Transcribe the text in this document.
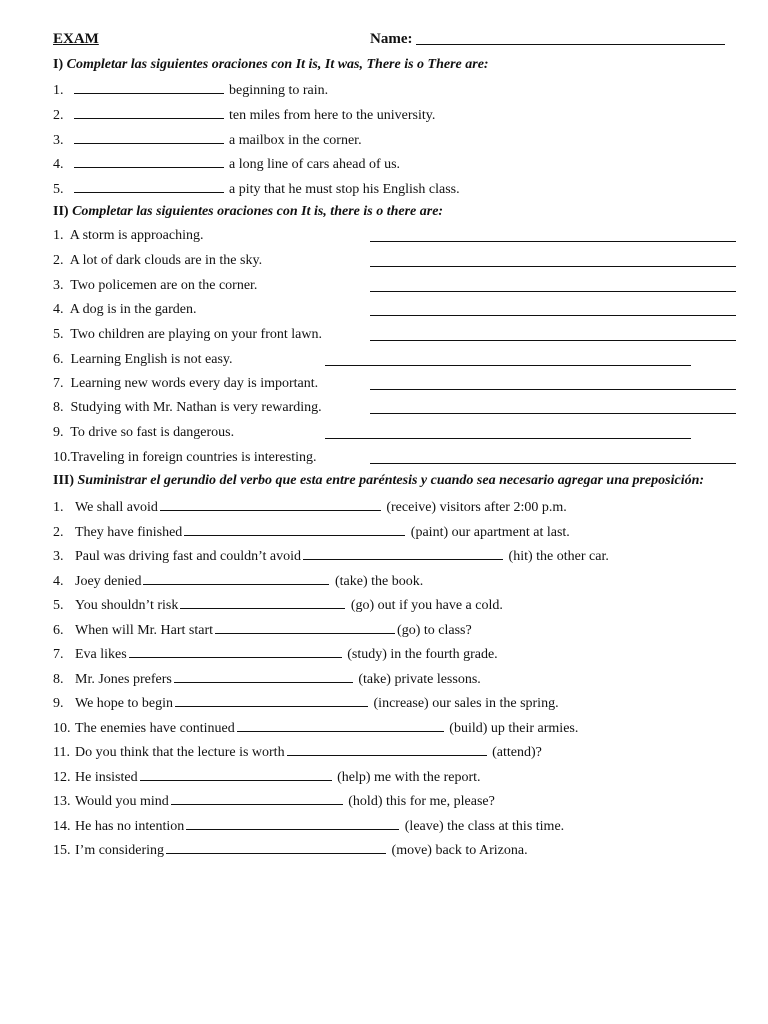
EXAM	Name:
I) Completar las siguientes oraciones con It is, It was, There is o There are:
1.	beginning to rain.
2.	ten miles from here to the university.
3.	a mailbox in the corner.
4.	a long line of cars ahead of us.
5.	a pity that he must stop his English class.
II) Completar las siguientes oraciones con It is, there is o there are:
1. A storm is approaching.
2. A lot of dark clouds are in the sky.
3. Two policemen are on the corner.
4. A dog is in the garden.
5. Two children are playing on your front lawn.
6. Learning English is not easy.
7. Learning new words every day is important.
8. Studying with Mr. Nathan is very rewarding.
9. To drive so fast is dangerous.
10.Traveling in foreign countries is interesting.
III) Suministrar el gerundio del verbo que esta entre paréntesis y cuando sea necesario agregar una preposición:
1. We shall avoid	(receive) visitors after 2:00 p.m.
2. They have finished	(paint) our apartment at last.
3. Paul was driving fast and couldn’t avoid	(hit) the other car.
4. Joey denied	(take) the book.
5. You shouldn’t risk	(go) out if you have a cold.
6. When will Mr. Hart start	(go) to class?
7. Eva likes	(study) in the fourth grade.
8. Mr. Jones prefers	(take) private lessons.
9. We hope to begin	(increase) our sales in the spring.
10. The enemies have continued	(build) up their armies.
11. Do you think that the lecture is worth	(attend)?
12. He insisted	(help) me with the report.
13. Would you mind	(hold) this for me, please?
14. He has no intention	(leave) the class at this time.
15. I’m considering	(move) back to Arizona.
